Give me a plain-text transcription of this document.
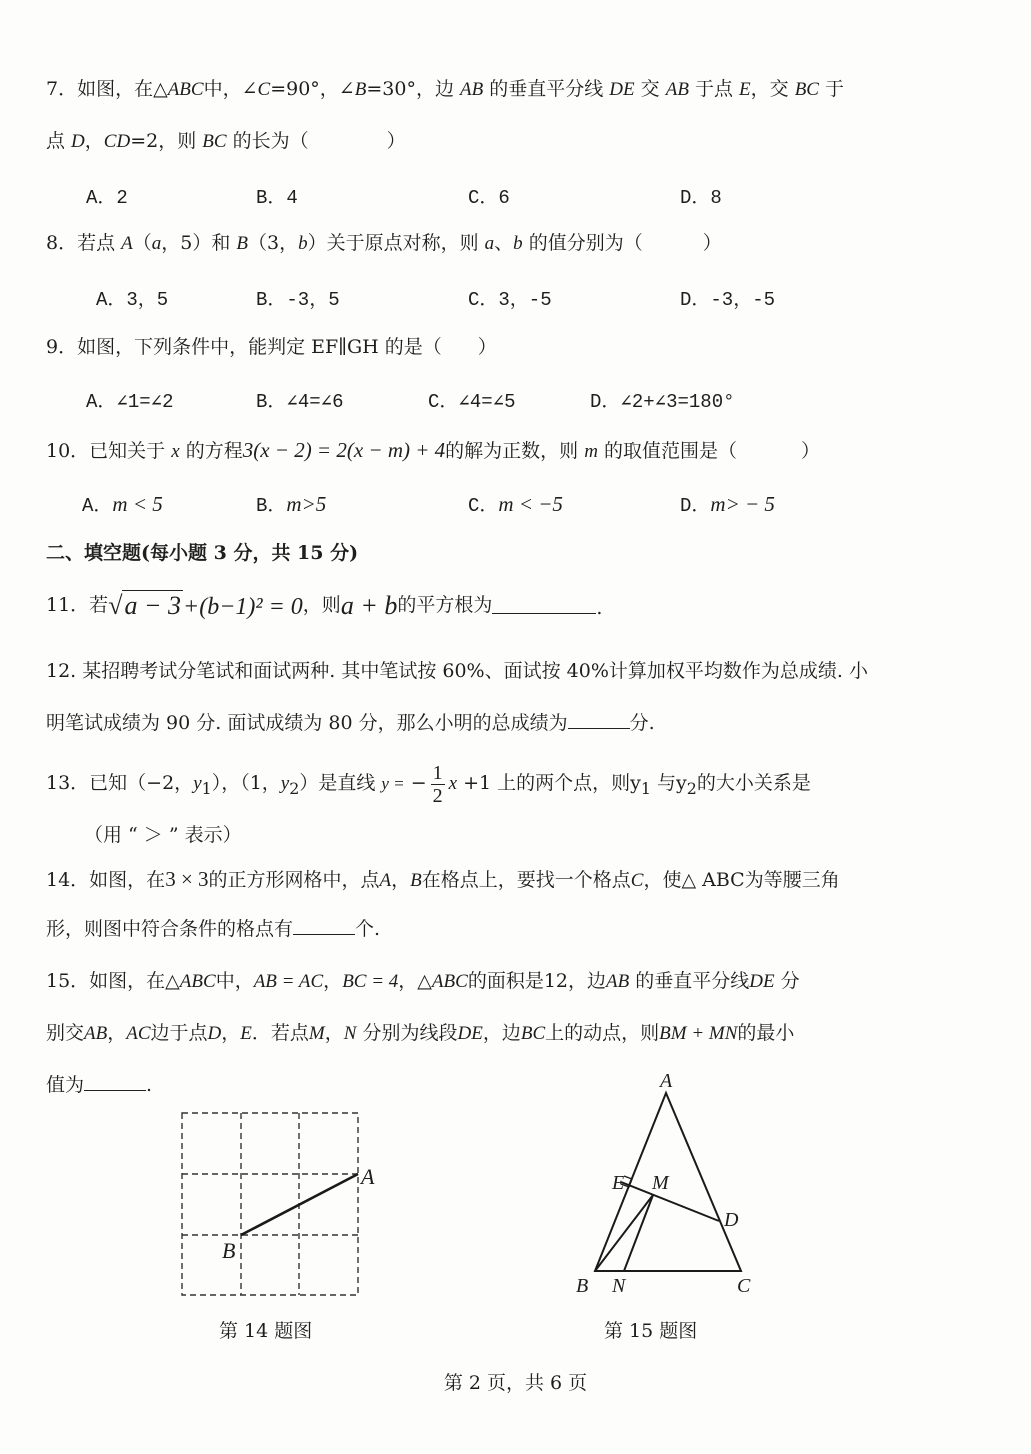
7．如图，在△ABC中，∠C=90°，∠B=30°，边 AB 的垂直平分线 DE 交 AB 于点 E，交 BC 于
点 D，CD=2，则 BC 的长为（	）
A．2	B．4	C．6	D．8
8．若点 A（a，5）和 B（3，b）关于原点对称，则 a、b 的值分别为（	）
A．3，5	B．-3，5	C．3，-5	D．-3，-5
9．如图，下列条件中，能判定 EF∥GH 的是（ ）
A．∠1=∠2	B．∠4=∠6	C．∠4=∠5	D．∠2+∠3=180°
10．已知关于 x 的方程3(x − 2) = 2(x − m) + 4的解为正数，则 m 的取值范围是（	）
A．m < 5	B．m>5	C．m < −5	D．m> − 5
二、填空题(每小题 3 分，共 15 分)
11．若√a − 3+(b−1)² = 0，则a + b的平方根为	.
12. 某招聘考试分笔试和面试两种. 其中笔试按 60%、面试按 40%计算加权平均数作为总成绩. 小
明笔试成绩为 90 分. 面试成绩为 80 分，那么小明的总成绩为	分.
13．已知（−2，$y_1$），（1，$y_2$）是直线 y = − $\frac{1}{2}$ x +1 上的两个点，则$y_1$ 与$y_2$的大小关系是
（用 “ ＞ ” 表示）
14．如图，在3 × 3的正方形网格中，点A，B在格点上，要找一个格点C，使△ ABC为等腰三角
形，则图中符合条件的格点有	个.
15．如图，在△ABC中，AB = AC，BC = 4，△ABC的面积是12，边AB 的垂直平分线DE 分
别交AB，AC边于点D，E．若点M，N 分别为线段DE，边BC上的动点，则BM + MN的最小
值为	.
A
B
A
B	C
D
E M
N
第 14 题图	第 15 题图
第 2 页，共 6 页
